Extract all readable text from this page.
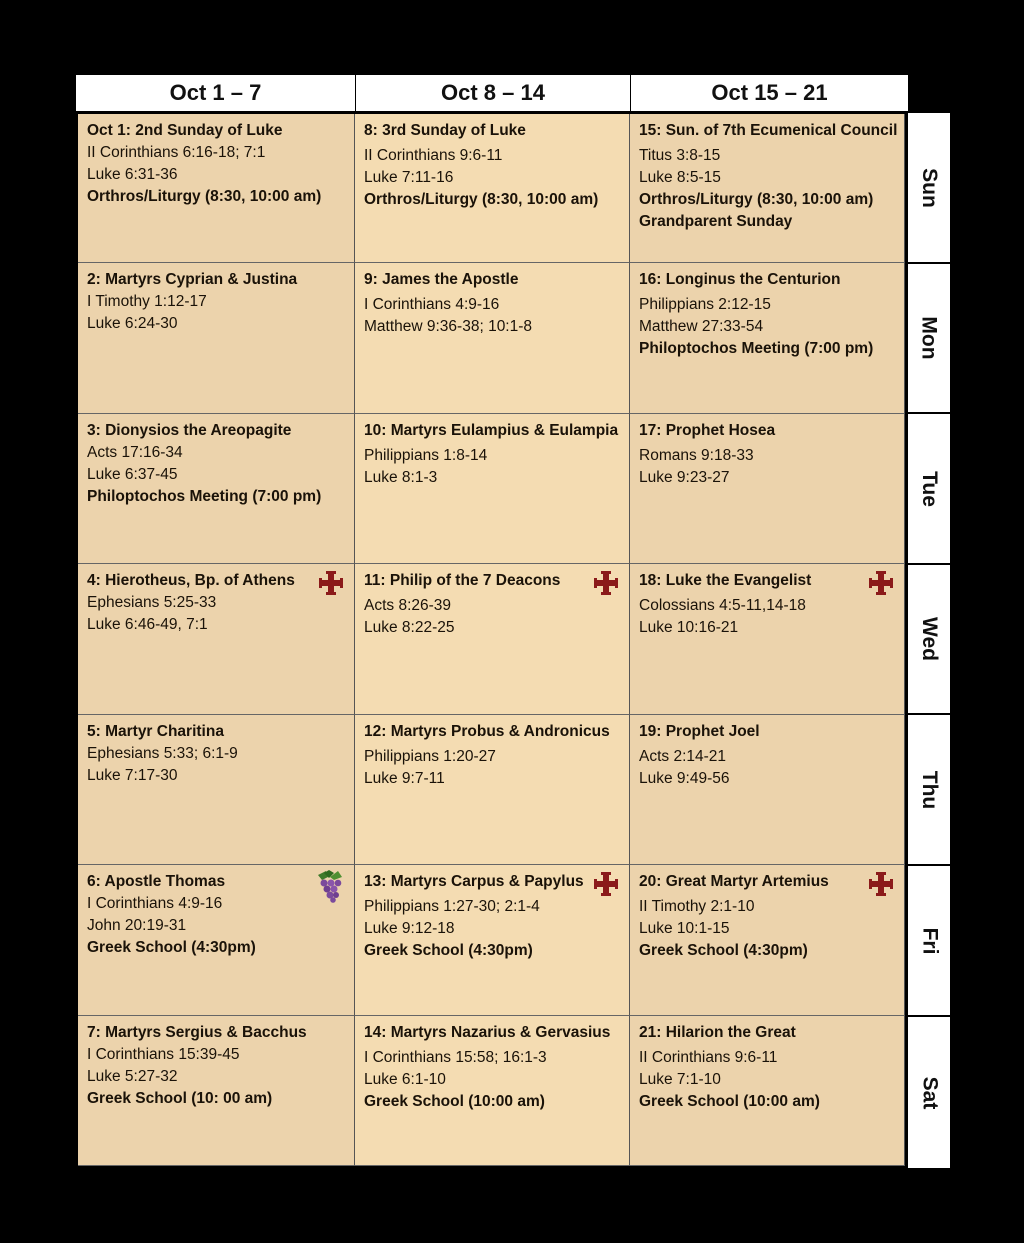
Oct 1 – 7	Oct 8 – 14	Oct 15 – 21
Oct 1: 2nd Sunday of Luke
II Corinthians 6:16-18; 7:1
Luke 6:31-36
Orthros/Liturgy (8:30, 10:00 am)
2: Martyrs Cyprian & Justina
I Timothy 1:12-17
Luke 6:24-30
3: Dionysios the Areopagite
Acts 17:16-34
Luke 6:37-45
Philoptochos Meeting (7:00 pm)
4: Hierotheus, Bp. of Athens
Ephesians 5:25-33
Luke 6:46-49, 7:1
5: Martyr Charitina
Ephesians 5:33; 6:1-9
Luke 7:17-30
6: Apostle Thomas
I Corinthians 4:9-16
John 20:19-31
Greek School (4:30pm)
7: Martyrs Sergius & Bacchus
I Corinthians 15:39-45
Luke 5:27-32
Greek School (10: 00 am)
8: 3rd Sunday of Luke
II Corinthians 9:6-11
Luke 7:11-16
Orthros/Liturgy (8:30, 10:00 am)
9: James the Apostle
I Corinthians 4:9-16
Matthew 9:36-38; 10:1-8
10: Martyrs Eulampius & Eulampia
Philippians 1:8-14
Luke 8:1-3
11: Philip of the 7 Deacons
Acts 8:26-39
Luke 8:22-25
12: Martyrs Probus & Andronicus
Philippians 1:20-27
Luke 9:7-11
13: Martyrs Carpus & Papylus
Philippians 1:27-30; 2:1-4
Luke 9:12-18
Greek School (4:30pm)
14: Martyrs Nazarius & Gervasius
I Corinthians 15:58; 16:1-3
Luke 6:1-10
Greek School (10:00 am)
15: Sun. of 7th Ecumenical Council
Titus 3:8-15
Luke 8:5-15
Orthros/Liturgy (8:30, 10:00 am)
Grandparent Sunday
16: Longinus the Centurion
Philippians 2:12-15
Matthew 27:33-54
Philoptochos Meeting (7:00 pm)
17: Prophet Hosea
Romans 9:18-33
Luke 9:23-27
18: Luke the Evangelist
Colossians 4:5-11,14-18
Luke 10:16-21
19: Prophet Joel
Acts 2:14-21
Luke 9:49-56
20: Great Martyr Artemius
II Timothy 2:1-10
Luke 10:1-15
Greek School (4:30pm)
21: Hilarion the Great
II Corinthians 9:6-11
Luke 7:1-10
Greek School (10:00 am)
Sun
Mon
Tue
Wed
Thu
Fri
Sat
